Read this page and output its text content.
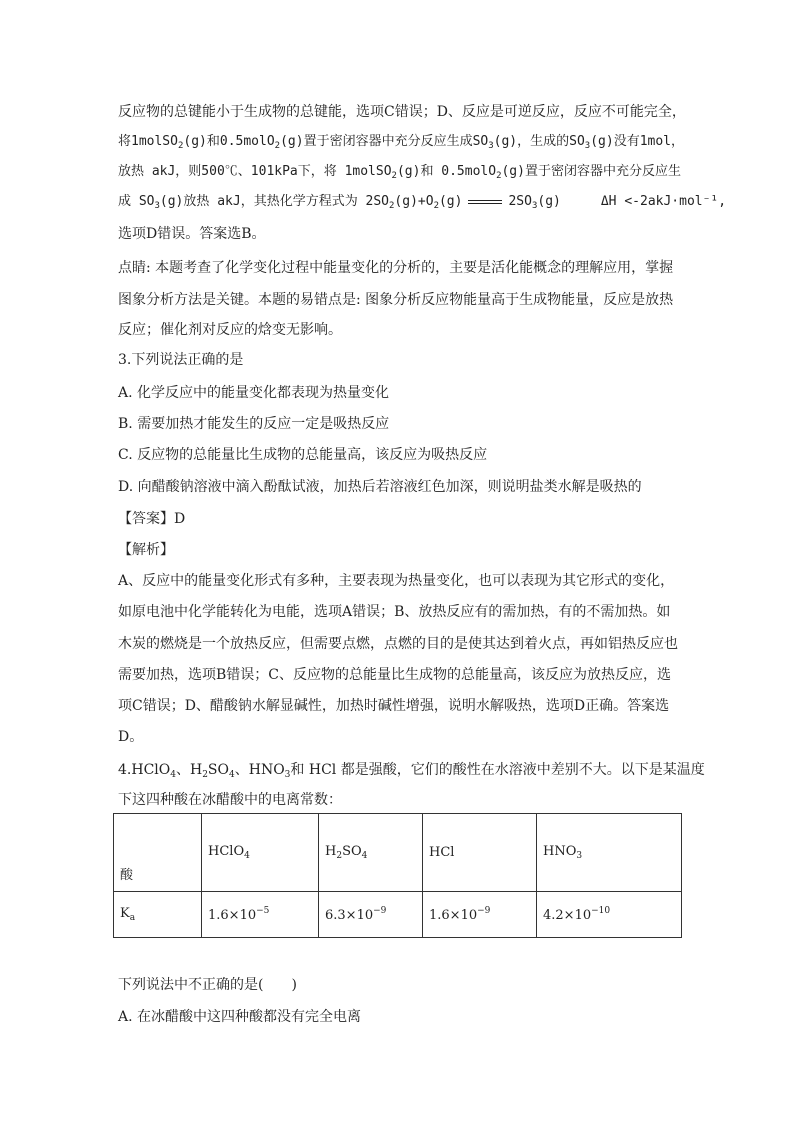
反应物的总键能小于生成物的总键能，选项C错误；D、反应是可逆反应，反应不可能完全，
将1molSO$_2$(g)和0.5molO$_2$(g)置于密闭容器中充分反应生成$SO_3(g)$，生成的$SO_3(g)$没有1mol，
放热 akJ，则500℃、101kPa下，将 1molSO$_2$(g)和 0.5molO$_2$(g)置于密闭容器中充分反应生
成 $SO_3(g)$放热 akJ，其热化学方程式为 $2SO_2(g)+O_2(g)$	$2SO_3(g)$	ΔH <-2akJ·mol⁻¹,
选项D错误。答案选B。
点睛: 本题考查了化学变化过程中能量变化的分析的，主要是活化能概念的理解应用，掌握
图象分析方法是关键。本题的易错点是: 图象分析反应物能量高于生成物能量，反应是放热
反应；催化剂对反应的焓变无影响。
3.下列说法正确的是
A. 化学反应中的能量变化都表现为热量变化
B. 需要加热才能发生的反应一定是吸热反应
C. 反应物的总能量比生成物的总能量高，该反应为吸热反应
D. 向醋酸钠溶液中滴入酚酞试液，加热后若溶液红色加深，则说明盐类水解是吸热的
【答案】D
【解析】
A、反应中的能量变化形式有多种，主要表现为热量变化，也可以表现为其它形式的变化，
如原电池中化学能转化为电能，选项A错误；B、放热反应有的需加热，有的不需加热。如
木炭的燃烧是一个放热反应，但需要点燃，点燃的目的是使其达到着火点，再如铝热反应也
需要加热，选项B错误；C、反应物的总能量比生成物的总能量高，该反应为放热反应，选
项C错误；D、醋酸钠水解显碱性，加热时碱性增强，说明水解吸热，选项D正确。答案选
D。
4.HClO$_4$、$H_2SO_4$、$HNO_3$和 HCl 都是强酸，它们的酸性在水溶液中差别不大。以下是某温度
下这四种酸在冰醋酸中的电离常数：
酸	HClO$_4$	$H_2SO_4$	HCl	$HNO_3$
$K_a$	$1.6\times 10^{-5}$	$6.3\times 10^{-9}$	$1.6\times 10^{-9}$	$4.2\times 10^{-10}$
下列说法中不正确的是(　　)
A. 在冰醋酸中这四种酸都没有完全电离
